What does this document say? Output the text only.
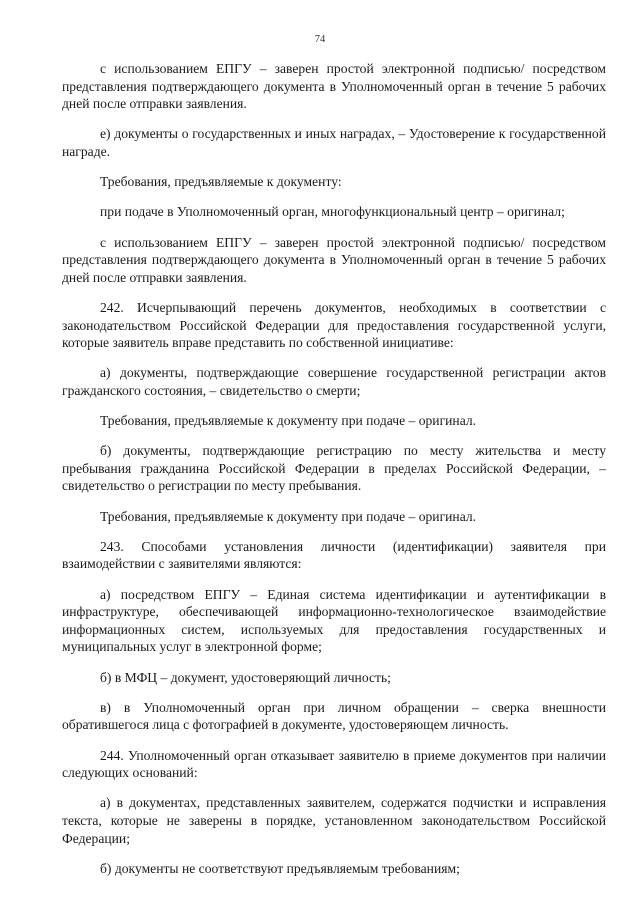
74

с использованием ЕПГУ – заверен простой электронной подписью/ посредством представления подтверждающего документа в Уполномоченный орган в течение 5 рабочих дней после отправки заявления.

е) документы о государственных и иных наградах, – Удостоверение к государственной награде.

Требования, предъявляемые к документу:

при подаче в Уполномоченный орган, многофункциональный центр – оригинал;

с использованием ЕПГУ – заверен простой электронной подписью/ посредством представления подтверждающего документа в Уполномоченный орган в течение 5 рабочих дней после отправки заявления.

242. Исчерпывающий перечень документов, необходимых в соответствии с законодательством Российской Федерации для предоставления государственной услуги, которые заявитель вправе представить по собственной инициативе:

а) документы, подтверждающие совершение государственной регистрации актов гражданского состояния, – свидетельство о смерти;

Требования, предъявляемые к документу при подаче – оригинал.

б) документы, подтверждающие регистрацию по месту жительства и месту пребывания гражданина Российской Федерации в пределах Российской Федерации, – свидетельство о регистрации по месту пребывания.

Требования, предъявляемые к документу при подаче – оригинал.

243. Способами установления личности (идентификации) заявителя при взаимодействии с заявителями являются:

а) посредством ЕПГУ – Единая система идентификации и аутентификации в инфраструктуре, обеспечивающей информационно-технологическое взаимодействие информационных систем, используемых для предоставления государственных и муниципальных услуг в электронной форме;

б) в МФЦ – документ, удостоверяющий личность;

в) в Уполномоченный орган при личном обращении – сверка внешности обратившегося лица с фотографией в документе, удостоверяющем личность.

244. Уполномоченный орган отказывает заявителю в приеме документов при наличии следующих оснований:

а) в документах, представленных заявителем, содержатся подчистки и исправления текста, которые не заверены в порядке, установленном законодательством Российской Федерации;

б) документы не соответствуют предъявляемым требованиям;
